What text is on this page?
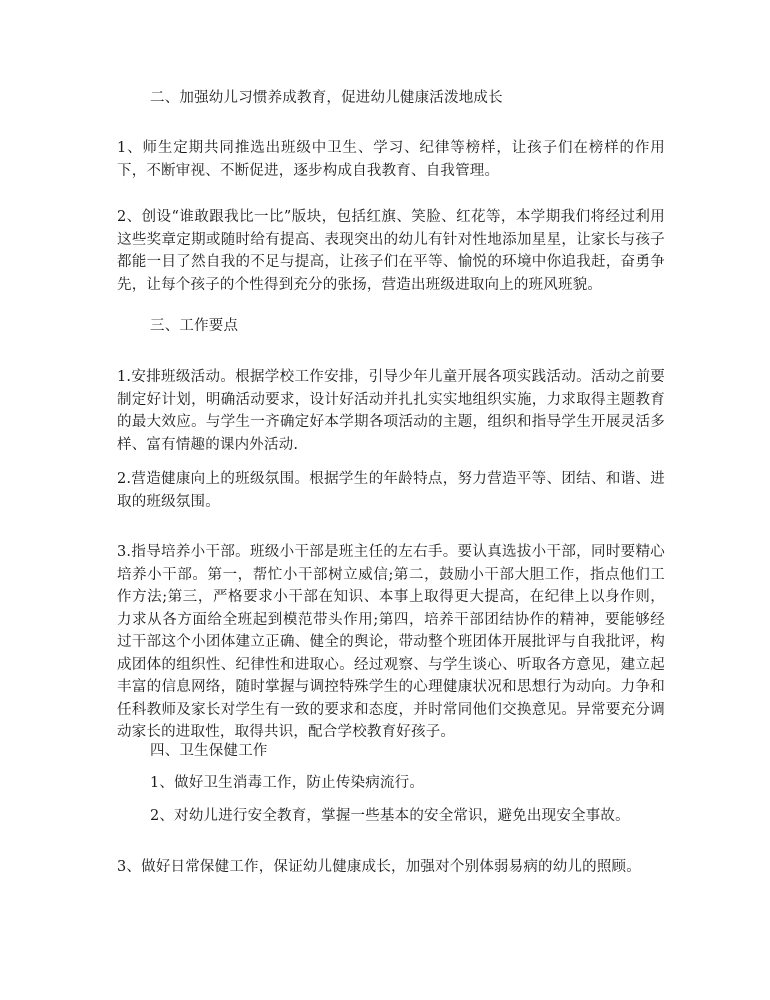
二、加强幼儿习惯养成教育，促进幼儿健康活泼地成长

1、师生定期共同推选出班级中卫生、学习、纪律等榜样，让孩子们在榜样的作用下，不断审视、不断促进，逐步构成自我教育、自我管理。

2、创设“谁敢跟我比一比”版块，包括红旗、笑脸、红花等，本学期我们将经过利用这些奖章定期或随时给有提高、表现突出的幼儿有针对性地添加星星，让家长与孩子都能一目了然自我的不足与提高，让孩子们在平等、愉悦的环境中你追我赶，奋勇争先，让每个孩子的个性得到充分的张扬，营造出班级进取向上的班风班貌。

三、工作要点

1.安排班级活动。根据学校工作安排，引导少年儿童开展各项实践活动。活动之前要制定好计划，明确活动要求，设计好活动并扎扎实实地组织实施，力求取得主题教育的最大效应。与学生一齐确定好本学期各项活动的主题，组织和指导学生开展灵活多样、富有情趣的课内外活动.

2.营造健康向上的班级氛围。根据学生的年龄特点，努力营造平等、团结、和谐、进取的班级氛围。

3.指导培养小干部。班级小干部是班主任的左右手。要认真选拔小干部，同时要精心培养小干部。第一，帮忙小干部树立威信;第二，鼓励小干部大胆工作，指点他们工作方法;第三，严格要求小干部在知识、本事上取得更大提高，在纪律上以身作则，力求从各方面给全班起到模范带头作用;第四，培养干部团结协作的精神，要能够经过干部这个小团体建立正确、健全的舆论，带动整个班团体开展批评与自我批评，构成团体的组织性、纪律性和进取心。经过观察、与学生谈心、听取各方意见，建立起丰富的信息网络，随时掌握与调控特殊学生的心理健康状况和思想行为动向。力争和任科教师及家长对学生有一致的要求和态度，并时常同他们交换意见。异常要充分调动家长的进取性，取得共识，配合学校教育好孩子。

四、卫生保健工作

1、做好卫生消毒工作，防止传染病流行。

2、对幼儿进行安全教育，掌握一些基本的安全常识，避免出现安全事故。

3、做好日常保健工作，保证幼儿健康成长，加强对个别体弱易病的幼儿的照顾。
